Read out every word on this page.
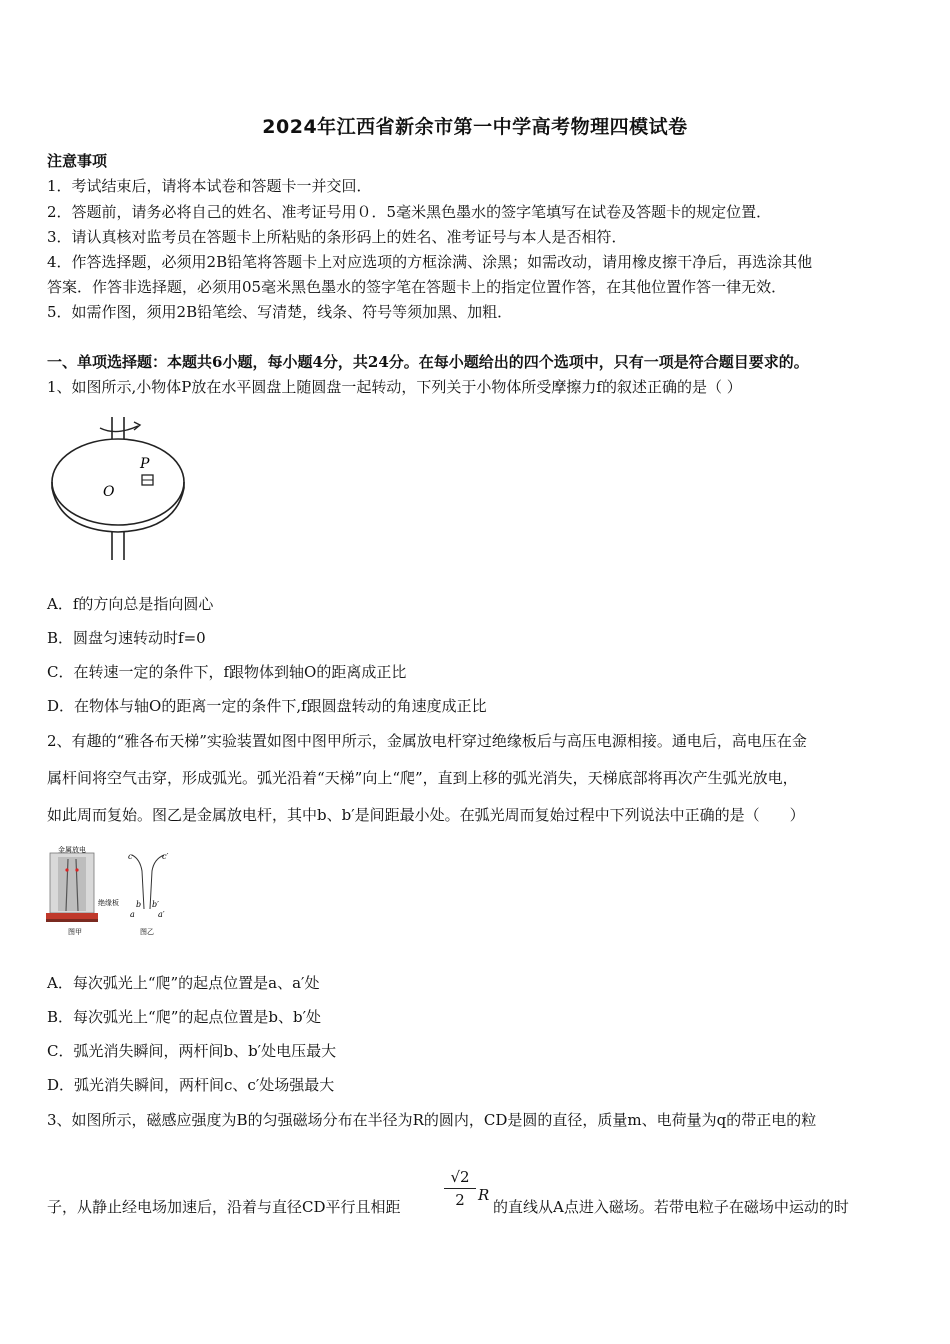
2024年江西省新余市第一中学高考物理四模试卷
注意事项
1．考试结束后，请将本试卷和答题卡一并交回．
2．答题前，请务必将自己的姓名、准考证号用０．5毫米黑色墨水的签字笔填写在试卷及答题卡的规定位置．
3．请认真核对监考员在答题卡上所粘贴的条形码上的姓名、准考证号与本人是否相符．
4．作答选择题，必须用2B铅笔将答题卡上对应选项的方框涂满、涂黑；如需改动，请用橡皮擦干净后，再选涂其他
答案．作答非选择题，必须用05毫米黑色墨水的签字笔在答题卡上的指定位置作答，在其他位置作答一律无效．
5．如需作图，须用2B铅笔绘、写清楚，线条、符号等须加黑、加粗．
一、单项选择题：本题共6小题，每小题4分，共24分。在每小题给出的四个选项中，只有一项是符合题目要求的。
1、如图所示,小物体P放在水平圆盘上随圆盘一起转动，下列关于小物体所受摩擦力f的叙述正确的是（ ）
P
O
A．f的方向总是指向圆心
B．圆盘匀速转动时f=0
C．在转速一定的条件下，f跟物体到轴O的距离成正比
D．在物体与轴O的距离一定的条件下,f跟圆盘转动的角速度成正比
2、有趣的“雅各布天梯”实验装置如图中图甲所示，金属放电杆穿过绝缘板后与高压电源相接。通电后，高电压在金
属杆间将空气击穿，形成弧光。弧光沿着“天梯”向上“爬”，直到上移的弧光消失，天梯底部将再次产生弧光放电，
如此周而复始。图乙是金属放电杆，其中b、b′是间距最小处。在弧光周而复始过程中下列说法中正确的是（　　）
金属放电
绝缘板
图甲
c	c′
b b′
a	a′
图乙
A．每次弧光上“爬”的起点位置是a、a′处
B．每次弧光上“爬”的起点位置是b、b′处
C．弧光消失瞬间，两杆间b、b′处电压最大
D．弧光消失瞬间，两杆间c、c′处场强最大
3、如图所示，磁感应强度为B的匀强磁场分布在半径为R的圆内，CD是圆的直径，质量m、电荷量为q的带正电的粒
子，从静止经电场加速后，沿着与直径CD平行且相距	$\frac{√2}{2}$ R
的直线从A点进入磁场。若带电粒子在磁场中运动的时
